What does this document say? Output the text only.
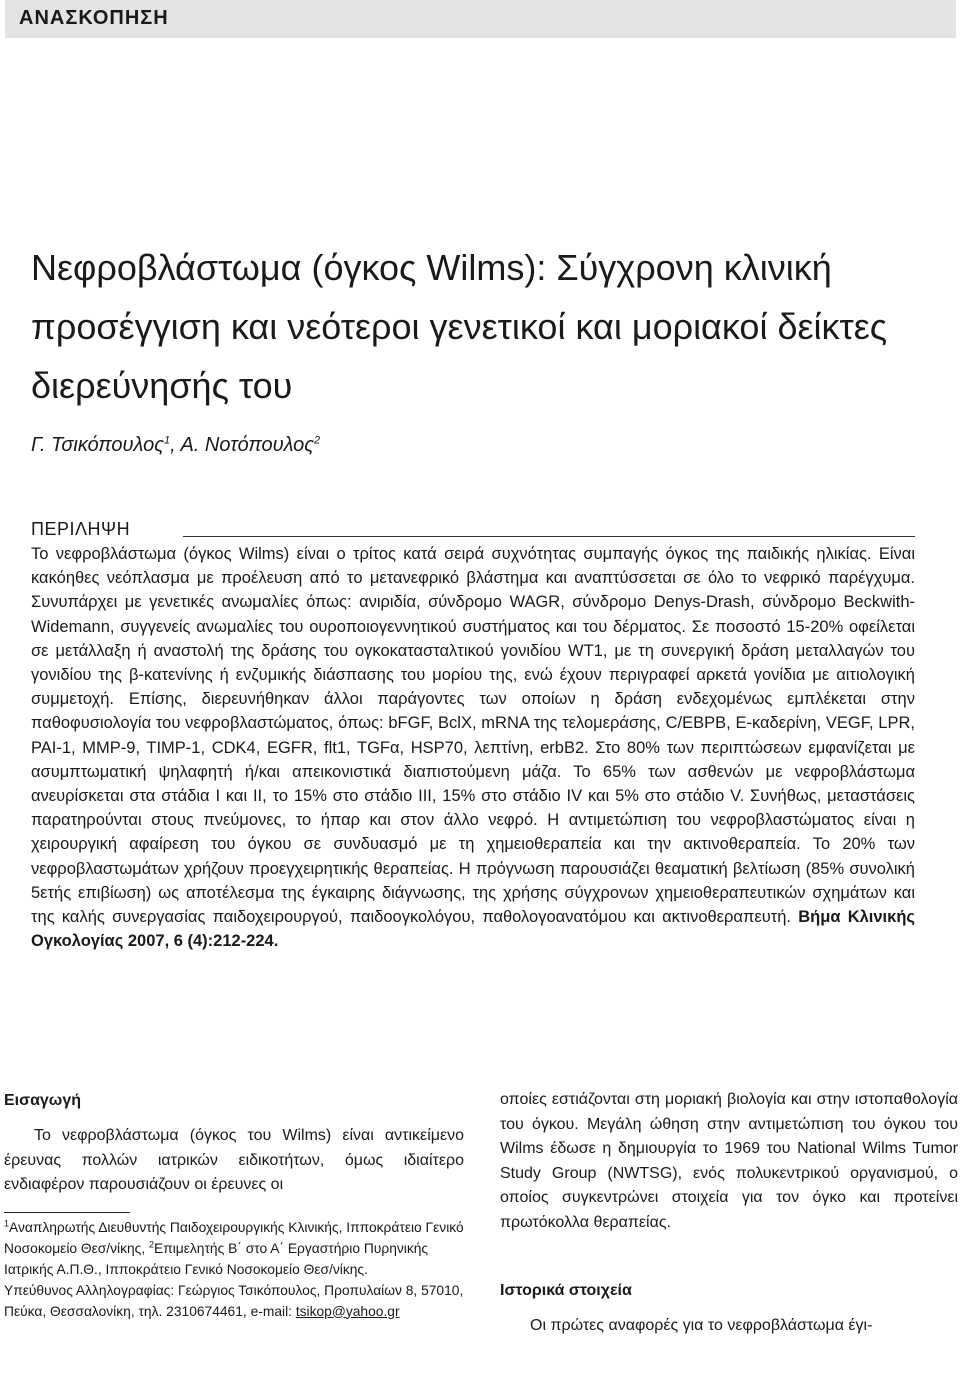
ΑΝΑΣΚΟΠΗΣΗ
Νεφροβλάστωμα (όγκος Wilms): Σύγχρονη κλινική προσέγγιση και νεότεροι γενετικοί και μοριακοί δείκτες διερεύνησής του
Γ. Τσικόπουλος$^1$, Α. Νοτόπουλος$^2$
ΠΕΡΙΛΗΨΗ

Το νεφροβλάστωμα (όγκος Wilms) είναι ο τρίτος κατά σειρά συχνότητας συμπαγής όγκος της παιδικής ηλικίας. Είναι κακόηθες νεόπλασμα με προέλευση από το μετανεφρικό βλάστημα και αναπτύσσεται σε όλο το νεφρικό παρέγχυμα. Συνυπάρχει με γενετικές ανωμαλίες όπως: ανιριδία, σύνδρομο WAGR, σύνδρομο Denys-Drash, σύνδρομο Beckwith-Widemann, συγγενείς ανωμαλίες του ουροποιογεννητικού συστήματος και του δέρματος. Σε ποσοστό 15-20% οφείλεται σε μετάλλαξη ή αναστολή της δράσης του ογκοκατασταλτικού γονιδίου WT1, με τη συνεργική δράση μεταλλαγών του γονιδίου της β-κατενίνης ή ενζυμικής διάσπασης του μορίου της, ενώ έχουν περιγραφεί αρκετά γονίδια με αιτιολογική συμμετοχή. Επίσης, διερευνήθηκαν άλλοι παράγοντες των οποίων η δράση ενδεχομένως εμπλέκεται στην παθοφυσιολογία του νεφροβλαστώματος, όπως: bFGF, BclX, mRNA της τελομεράσης, C/EBPB, E-καδερίνη, VEGF, LPR, PAI-1, MMP-9, TIMP-1, CDK4, EGFR, flt1, TGFα, HSP70, λεπτίνη, erbB2. Στο 80% των περιπτώσεων εμφανίζεται με ασυμπτωματική ψηλαφητή ή/και απεικονιστικά διαπιστούμενη μάζα. Το 65% των ασθενών με νεφροβλάστωμα ανευρίσκεται στα στάδια I και II, το 15% στο στάδιο III, 15% στο στάδιο IV και 5% στο στάδιο V. Συνήθως, μεταστάσεις παρατηρούνται στους πνεύμονες, το ήπαρ και στον άλλο νεφρό. Η αντιμετώπιση του νεφροβλαστώματος είναι η χειρουργική αφαίρεση του όγκου σε συνδυασμό με τη χημειοθεραπεία και την ακτινοθεραπεία. Το 20% των νεφροβλαστωμάτων χρήζουν προεγχειρητικής θεραπείας. Η πρόγνωση παρουσιάζει θεαματική βελτίωση (85% συνολική 5ετής επιβίωση) ως αποτέλεσμα της έγκαιρης διάγνωσης, της χρήσης σύγχρονων χημειοθεραπευτικών σχημάτων και της καλής συνεργασίας παιδοχειρουργού, παιδοογκολόγου, παθολογοανατόμου και ακτινοθεραπευτή. Βήμα Κλινικής Ογκολογίας 2007, 6 (4):212-224.

Εισαγωγή

Το νεφροβλάστωμα (όγκος του Wilms) είναι αντικείμενο έρευνας πολλών ιατρικών ειδικοτήτων, όμως ιδιαίτερο ενδιαφέρον παρουσιάζουν οι έρευνες οι

$^1$Αναπληρωτής Διευθυντής Παιδοχειρουργικής Κλινικής, Ιπποκράτειο Γενικό Νοσοκομείο Θεσ/νίκης, $^2$Επιμελητής Β΄ στο Α΄ Εργαστήριο Πυρηνικής Ιατρικής Α.Π.Θ., Ιπποκράτειο Γενικό Νοσοκομείο Θεσ/νίκης.

Υπεύθυνος Αλληλογραφίας: Γεώργιος Τσικόπουλος, Προπυλαίων 8, 57010, Πεύκα, Θεσσαλονίκη, τηλ. 2310674461, e-mail: tsikop@yahoo.gr

οποίες εστιάζονται στη μοριακή βιολογία και στην ιστοπαθολογία του όγκου. Μεγάλη ώθηση στην αντιμετώπιση του όγκου του Wilms έδωσε η δημιουργία το 1969 του National Wilms Tumor Study Group (NWTSG), ενός πολυκεντρικού οργανισμού, ο οποίος συγκεντρώνει στοιχεία για τον όγκο και προτείνει πρωτόκολλα θεραπείας.

Ιστορικά στοιχεία

Οι πρώτες αναφορές για το νεφροβλάστωμα έγι-
